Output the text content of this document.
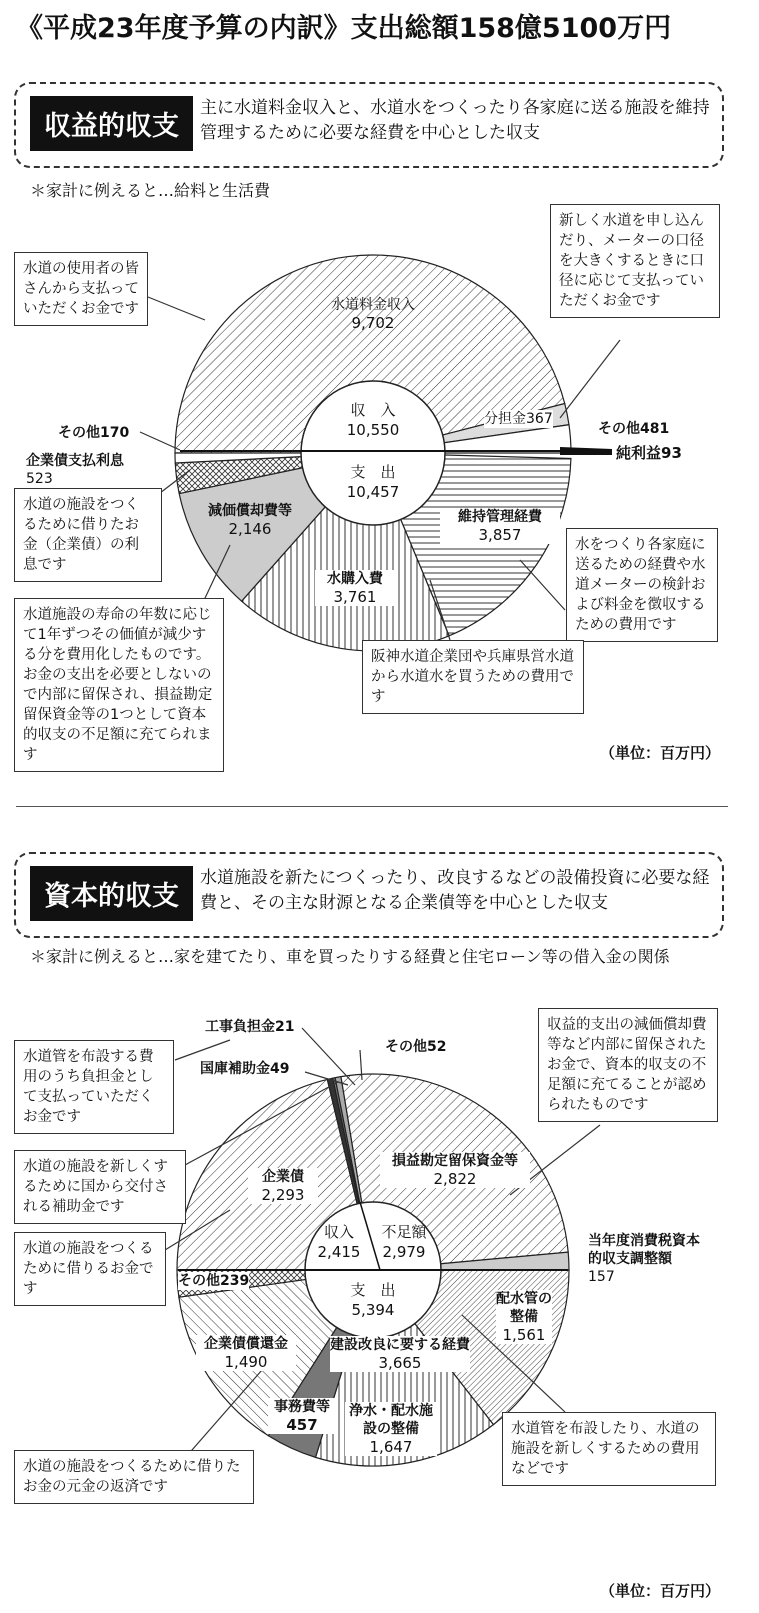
《平成23年度予算の内訳》支出総額158億5100万円
収益的収支
主に水道料金収入と、水道水をつくったり各家庭に送る施設を維持管理するために必要な経費を中心とした収支
＊家計に例えると…給料と生活費
水道料金収入
9,702
分担金367
その他481
純利益93
収　入
10,550
支　出
10,457
維持管理経費
3,857
水購入費
3,761
減価償却費等
2,146
企業債支払利息
523
その他170
水道の使用者の皆さんから支払っていただくお金です
新しく水道を申し込んだり、メーターの口径を大きくするときに口径に応じて支払っていただくお金です
水道の施設をつくるために借りたお金（企業債）の利息です
水をつくり各家庭に送るための経費や水道メーターの検針および料金を徴収するための費用です
阪神水道企業団や兵庫県営水道から水道水を買うための費用です
水道施設の寿命の年数に応じて1年ずつその価値が減少する分を費用化したものです。お金の支出を必要としないので内部に留保され、損益勘定留保資金等の1つとして資本的収支の不足額に充てられます	（単位：百万円）
資本的収支
水道施設を新たにつくったり、改良するなどの設備投資に必要な経費と、その主な財源となる企業債等を中心とした収支
＊家計に例えると…家を建てたり、車を買ったりする経費と住宅ローン等の借入金の関係
工事負担金21
国庫補助金49
その他52
企業債
2,293
損益勘定留保資金等
2,822
当年度消費税資本的収支調整額
157
収入
2,415
不足額
2,979
支　出
5,394
配水管の整備
1,561
建設改良に要する経費
3,665
浄水・配水施設の整備
1,647
事務費等
457
企業債償還金
1,490
その他239
水道管を布設する費用のうち負担金として支払っていただくお金です
水道の施設を新しくするために国から交付される補助金です
水道の施設をつくるために借りるお金です
収益的支出の減価償却費等など内部に留保されたお金で、資本的収支の不足額に充てることが認められたものです
水道管を布設したり、水道の施設を新しくするための費用などです
水道の施設をつくるために借りたお金の元金の返済です
（単位：百万円）
